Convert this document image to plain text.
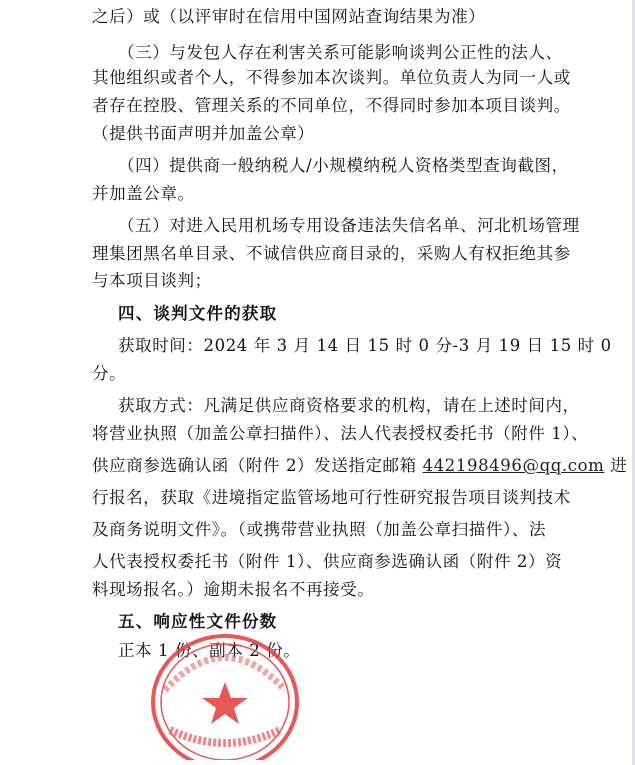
之后）或（以评审时在信用中国网站查询结果为准）
（三）与发包人存在利害关系可能影响谈判公正性的法人、
其他组织或者个人，不得参加本次谈判。单位负责人为同一人或
者存在控股、管理关系的不同单位，不得同时参加本项目谈判。
（提供书面声明并加盖公章）
（四）提供商一般纳税人/小规模纳税人资格类型查询截图，
并加盖公章。
（五）对进入民用机场专用设备违法失信名单、河北机场管理
理集团黑名单目录、不诚信供应商目录的，采购人有权拒绝其参
与本项目谈判；
四、谈判文件的获取
获取时间：2024 年 3 月 14 日 15 时 0 分-3 月 19 日 15 时 0
分。
获取方式：凡满足供应商资格要求的机构，请在上述时间内，
将营业执照（加盖公章扫描件）、法人代表授权委托书（附件 1）、
供应商参选确认函（附件 2）发送指定邮箱 442198496@qq.com 进
行报名，获取《进境指定监管场地可行性研究报告项目谈判技术
及商务说明文件》。（或携带营业执照（加盖公章扫描件）、法
人代表授权委托书（附件 1）、供应商参选确认函（附件 2）资
料现场报名。）逾期未报名不再接受。
五、响应性文件份数
正本 1 份、副本 2 份。
